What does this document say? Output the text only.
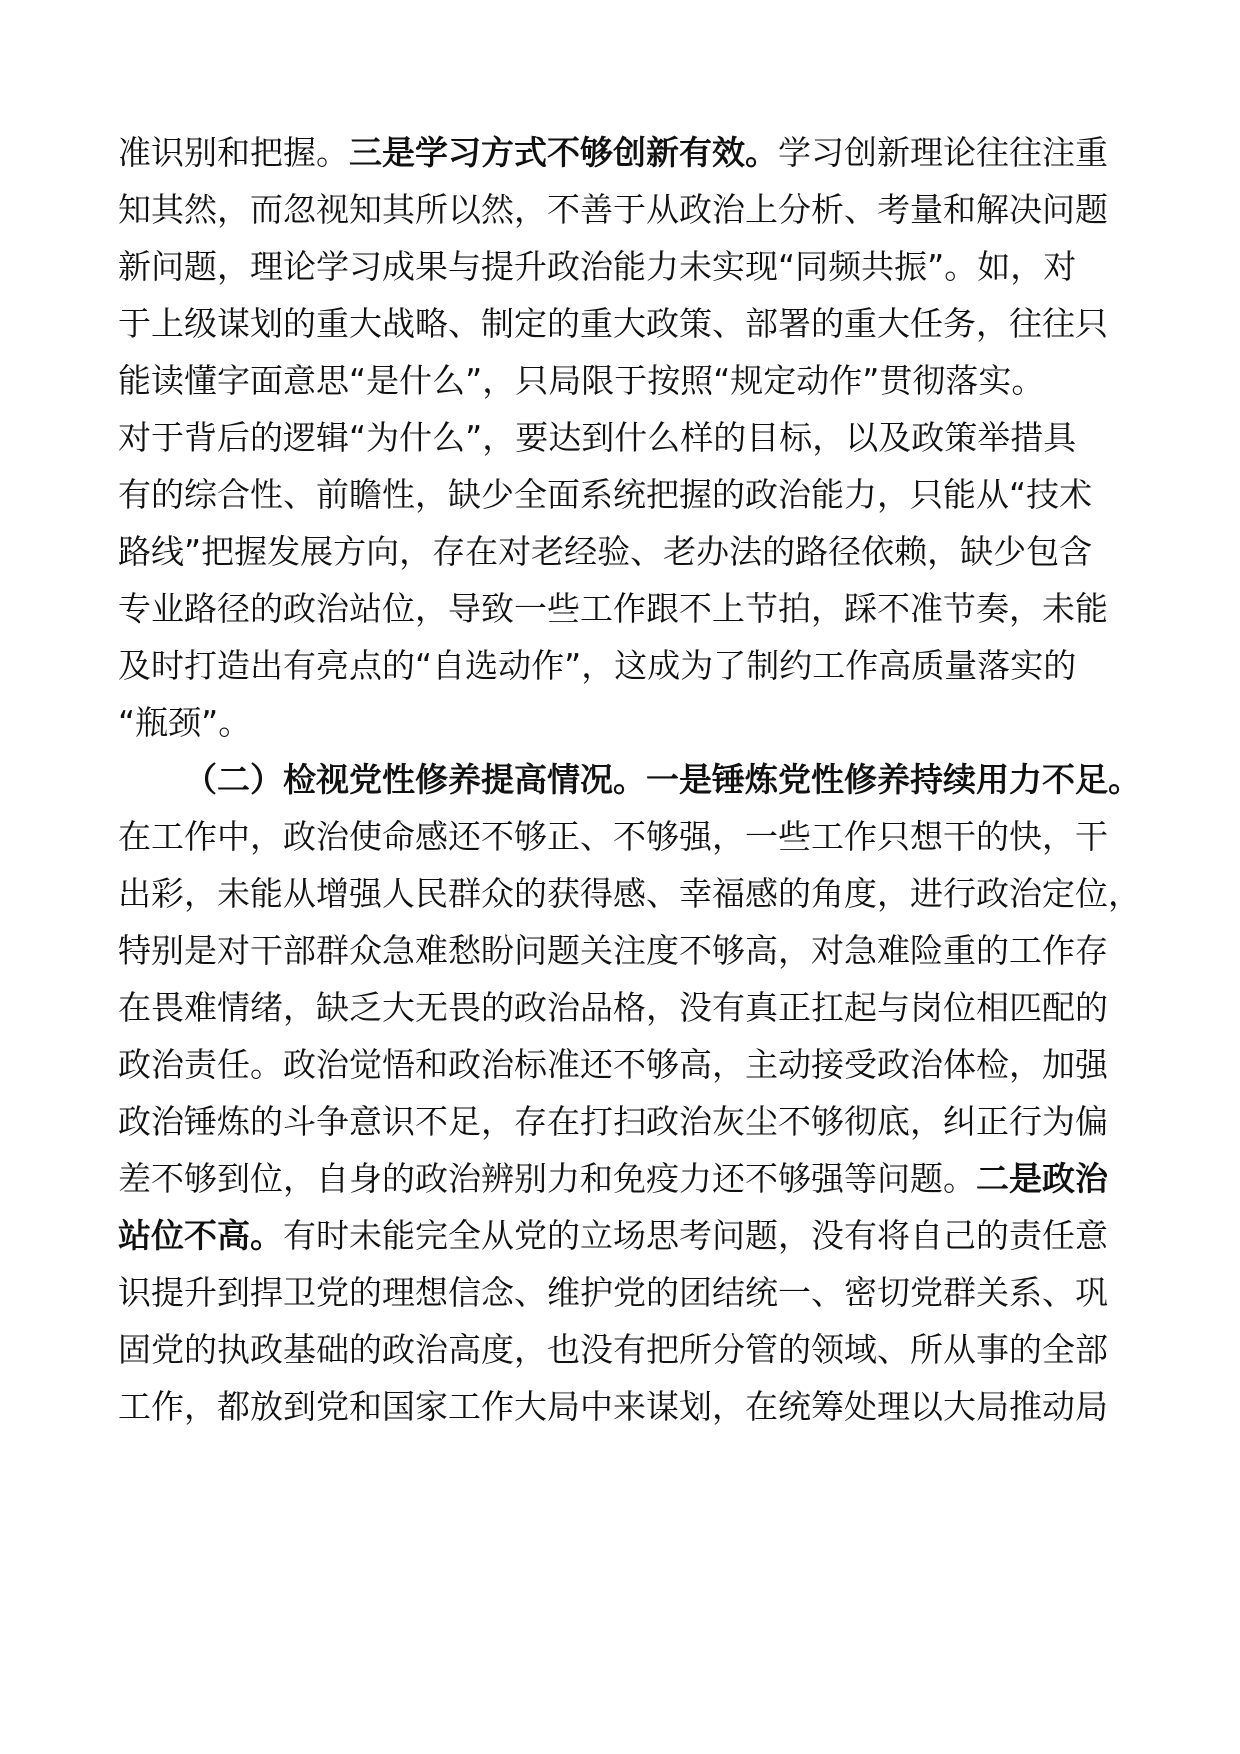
准识别和把握。三是学习方式不够创新有效。学习创新理论往往注重
知其然，而忽视知其所以然，不善于从政治上分析、考量和解决问题
新问题，理论学习成果与提升政治能力未实现“同频共振”。如，对
于上级谋划的重大战略、制定的重大政策、部署的重大任务，往往只
能读懂字面意思“是什么”，只局限于按照“规定动作”贯彻落实。
对于背后的逻辑“为什么”，要达到什么样的目标，以及政策举措具
有的综合性、前瞻性，缺少全面系统把握的政治能力，只能从“技术
路线”把握发展方向，存在对老经验、老办法的路径依赖，缺少包含
专业路径的政治站位，导致一些工作跟不上节拍，踩不准节奏，未能
及时打造出有亮点的“自选动作”，这成为了制约工作高质量落实的
“瓶颈”。
（二）检视党性修养提高情况。一是锤炼党性修养持续用力不足。
在工作中，政治使命感还不够正、不够强，一些工作只想干的快，干
出彩，未能从增强人民群众的获得感、幸福感的角度，进行政治定位，
特别是对干部群众急难愁盼问题关注度不够高，对急难险重的工作存
在畏难情绪，缺乏大无畏的政治品格，没有真正扛起与岗位相匹配的
政治责任。政治觉悟和政治标准还不够高，主动接受政治体检，加强
政治锤炼的斗争意识不足，存在打扫政治灰尘不够彻底，纠正行为偏
差不够到位，自身的政治辨别力和免疫力还不够强等问题。二是政治
站位不高。有时未能完全从党的立场思考问题，没有将自己的责任意
识提升到捍卫党的理想信念、维护党的团结统一、密切党群关系、巩
固党的执政基础的政治高度，也没有把所分管的领域、所从事的全部
工作，都放到党和国家工作大局中来谋划，在统筹处理以大局推动局
